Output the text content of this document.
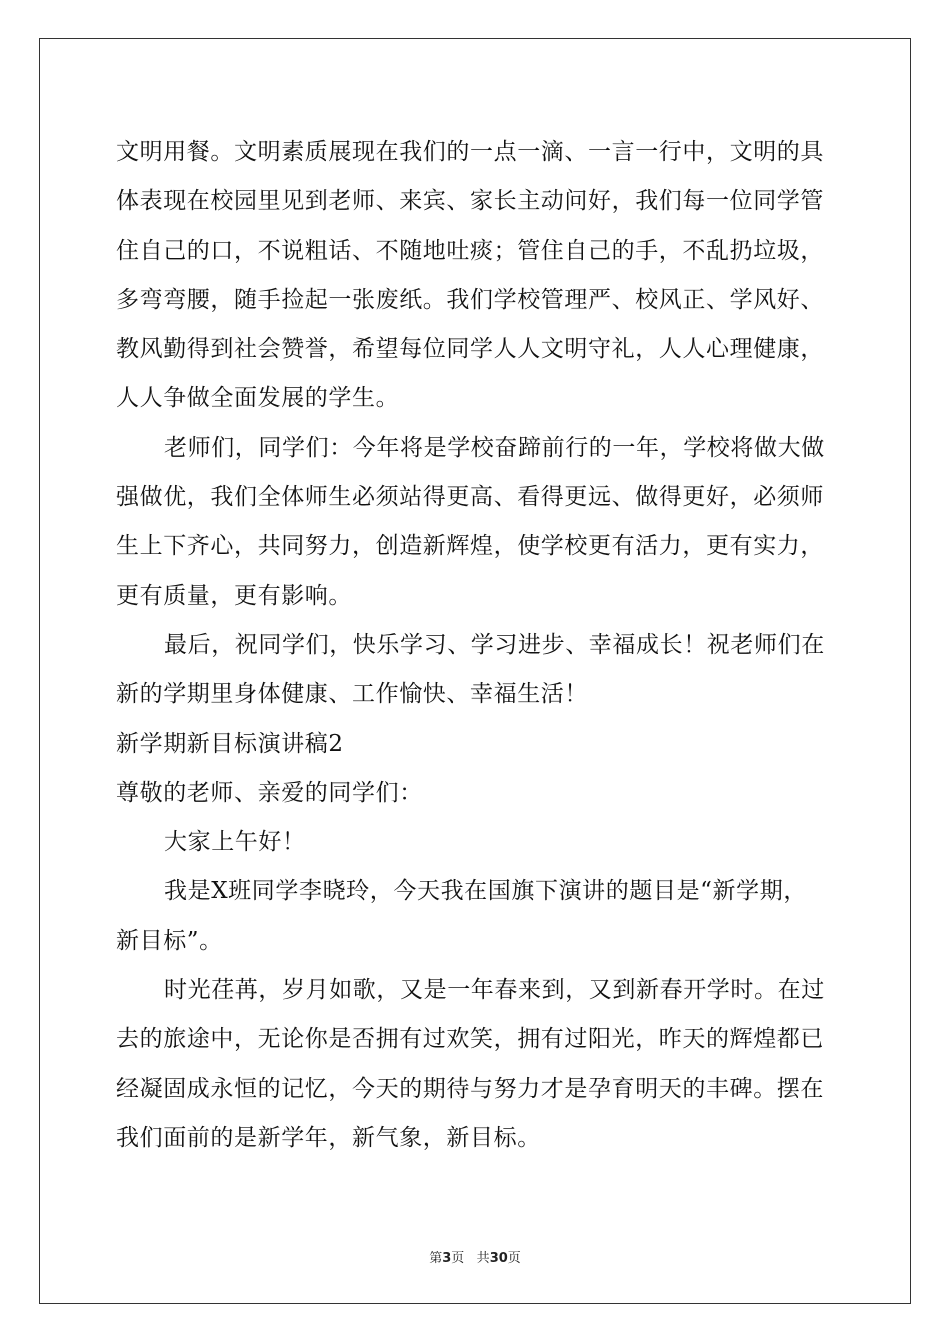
文明用餐。文明素质展现在我们的一点一滴、一言一行中，文明的具
体表现在校园里见到老师、来宾、家长主动问好，我们每一位同学管
住自己的口，不说粗话、不随地吐痰；管住自己的手，不乱扔垃圾，
多弯弯腰，随手捡起一张废纸。我们学校管理严、校风正、学风好、
教风勤得到社会赞誉，希望每位同学人人文明守礼，人人心理健康，
人人争做全面发展的学生。
老师们，同学们：今年将是学校奋蹄前行的一年，学校将做大做
强做优，我们全体师生必须站得更高、看得更远、做得更好，必须师
生上下齐心，共同努力，创造新辉煌，使学校更有活力，更有实力，
更有质量，更有影响。
最后，祝同学们，快乐学习、学习进步、幸福成长！祝老师们在
新的学期里身体健康、工作愉快、幸福生活！
新学期新目标演讲稿2
尊敬的老师、亲爱的同学们：
大家上午好！
我是X班同学李晓玲，今天我在国旗下演讲的题目是“新学期，
新目标”。
时光荏苒，岁月如歌，又是一年春来到，又到新春开学时。在过
去的旅途中，无论你是否拥有过欢笑，拥有过阳光，昨天的辉煌都已
经凝固成永恒的记忆，今天的期待与努力才是孕育明天的丰碑。摆在
我们面前的是新学年，新气象，新目标。
第3页 共30页
